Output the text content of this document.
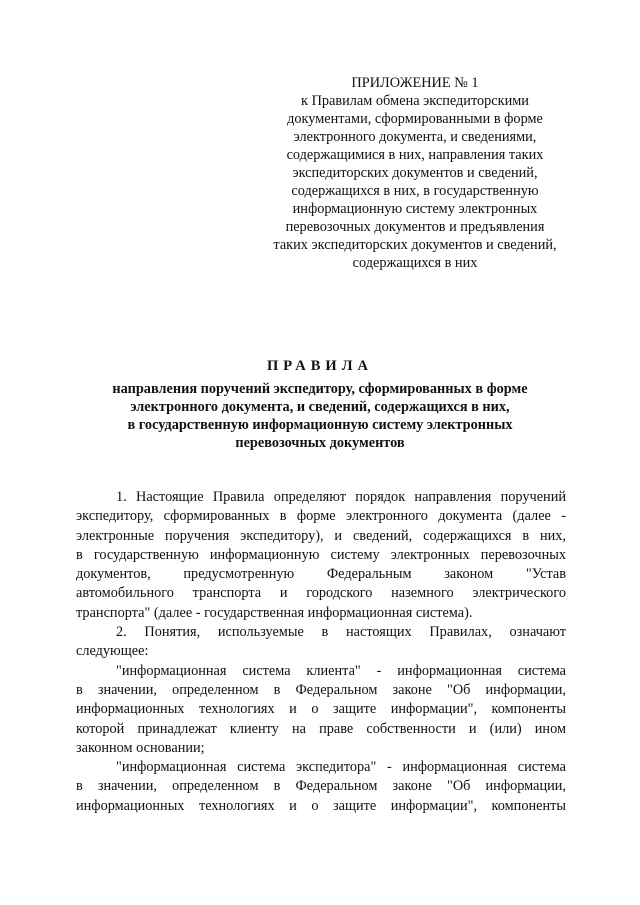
ПРИЛОЖЕНИЕ № 1
к Правилам обмена экспедиторскими
документами, сформированными в форме
электронного документа, и сведениями,
содержащимися в них, направления таких
экспедиторских документов и сведений,
содержащихся в них, в государственную
информационную систему электронных
перевозочных документов и предъявления
таких экспедиторских документов и сведений,
содержащихся в них
ПРАВИЛА
направления поручений экспедитору, сформированных в форме
электронного документа, и сведений, содержащихся в них,
в государственную информационную систему электронных
перевозочных документов
1. Настоящие Правила определяют порядок направления поручений
экспедитору, сформированных в форме электронного документа (далее -
электронные поручения экспедитору), и сведений, содержащихся в них,
в государственную информационную систему электронных перевозочных
документов, предусмотренную Федеральным законом "Устав
автомобильного транспорта и городского наземного электрического
транспорта" (далее - государственная информационная система).
2. Понятия, используемые в настоящих Правилах, означают
следующее:
"информационная система клиента" - информационная система
в значении, определенном в Федеральном законе "Об информации,
информационных технологиях и о защите информации", компоненты
которой принадлежат клиенту на праве собственности и (или) ином
законном основании;
"информационная система экспедитора" - информационная система
в значении, определенном в Федеральном законе "Об информации,
информационных технологиях и о защите информации", компоненты
